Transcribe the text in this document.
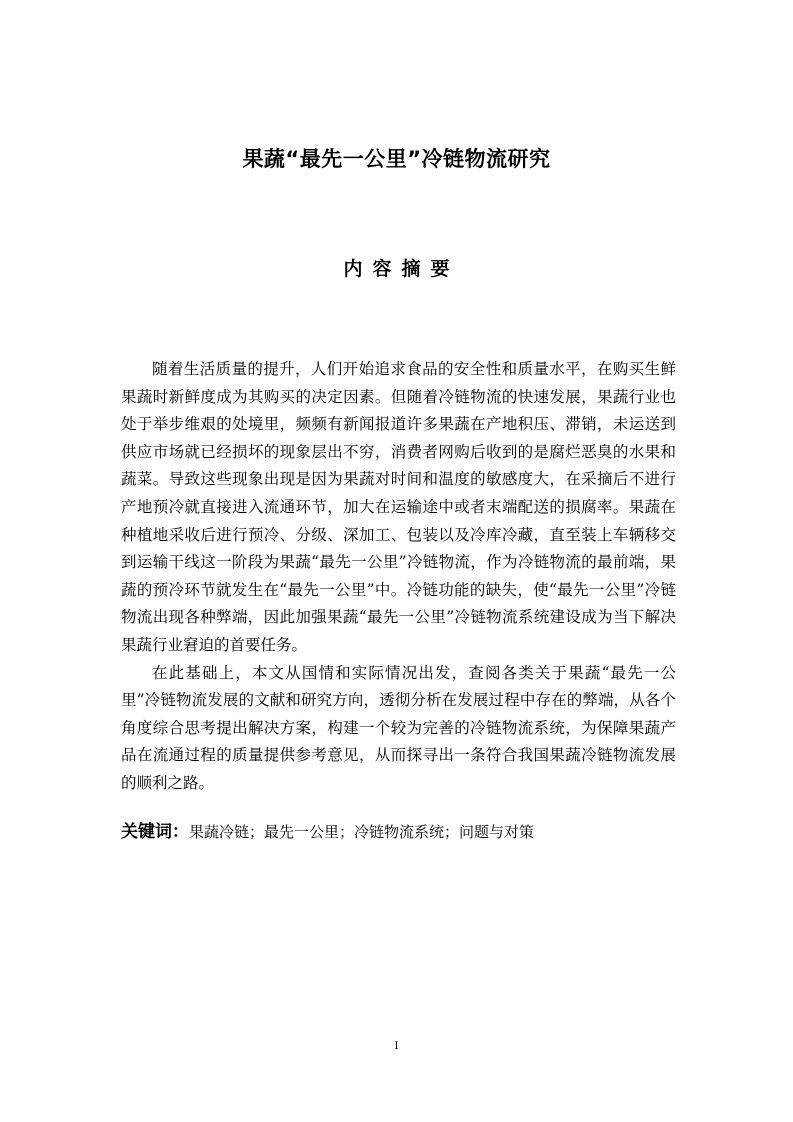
果蔬“最先一公里”冷链物流研究
内容摘要

随着生活质量的提升，人们开始追求食品的安全性和质量水平，在购买生鲜果蔬时新鲜度成为其购买的决定因素。但随着冷链物流的快速发展，果蔬行业也处于举步维艰的处境里，频频有新闻报道许多果蔬在产地积压、滞销，未运送到供应市场就已经损坏的现象层出不穷，消费者网购后收到的是腐烂恶臭的水果和蔬菜。导致这些现象出现是因为果蔬对时间和温度的敏感度大，在采摘后不进行产地预冷就直接进入流通环节，加大在运输途中或者末端配送的损腐率。果蔬在种植地采收后进行预冷、分级、深加工、包装以及冷库冷藏，直至装上车辆移交到运输干线这一阶段为果蔬“最先一公里”冷链物流，作为冷链物流的最前端，果蔬的预冷环节就发生在“最先一公里”中。冷链功能的缺失，使“最先一公里”冷链物流出现各种弊端，因此加强果蔬“最先一公里”冷链物流系统建设成为当下解决果蔬行业窘迫的首要任务。

在此基础上，本文从国情和实际情况出发，查阅各类关于果蔬“最先一公里”冷链物流发展的文献和研究方向，透彻分析在发展过程中存在的弊端，从各个角度综合思考提出解决方案，构建一个较为完善的冷链物流系统，为保障果蔬产品在流通过程的质量提供参考意见，从而探寻出一条符合我国果蔬冷链物流发展的顺利之路。

关键词：果蔬冷链；最先一公里；冷链物流系统；问题与对策
I
